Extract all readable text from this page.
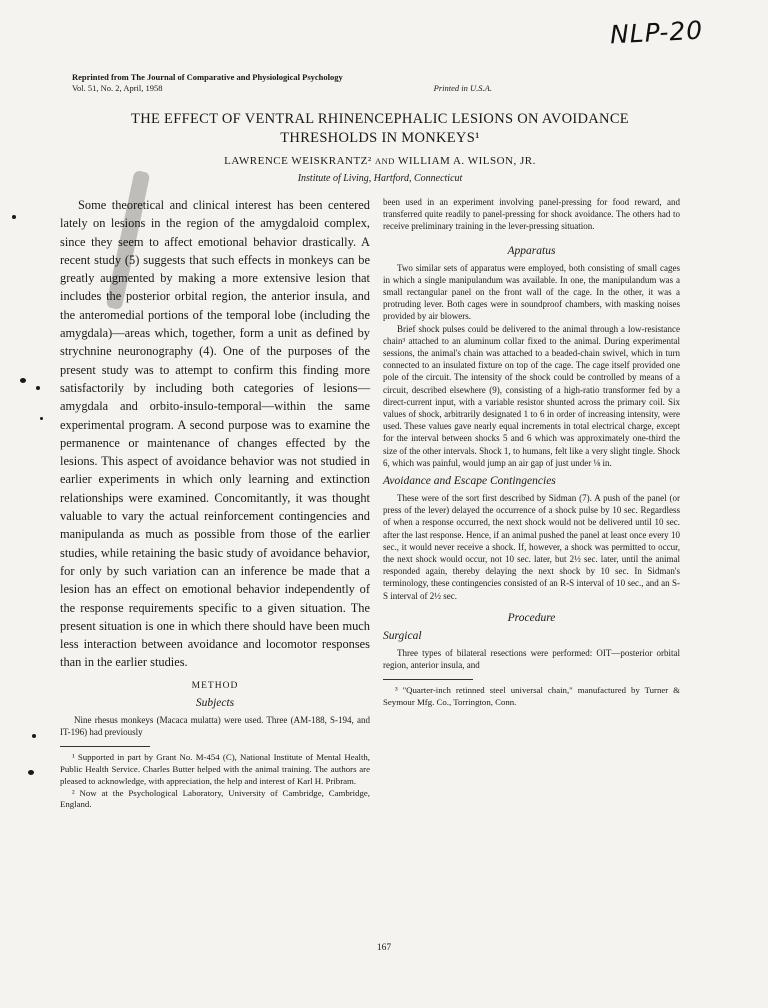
NLP-20
Reprinted from The Journal of Comparative and Physiological Psychology
Vol. 51, No. 2, April, 1958	Printed in U.S.A.
THE EFFECT OF VENTRAL RHINENCEPHALIC LESIONS ON AVOIDANCE THRESHOLDS IN MONKEYS¹
LAWRENCE WEISKRANTZ² AND WILLIAM A. WILSON, JR.
Institute of Living, Hartford, Connecticut

Some theoretical and clinical interest has been centered lately on lesions in the region of the amygdaloid complex, since they seem to affect emotional behavior drastically. A recent study (5) suggests that such effects in monkeys can be greatly augmented by making a more extensive lesion that includes the posterior orbital region, the anterior insula, and the anteromedial portions of the temporal lobe (including the amygdala)—areas which, together, form a unit as defined by strychnine neuronography (4). One of the purposes of the present study was to attempt to confirm this finding more satisfactorily by including both categories of lesions—amygdala and orbito-insulo-temporal—within the same experimental program. A second purpose was to examine the permanence or maintenance of changes effected by the lesions. This aspect of avoidance behavior was not studied in earlier experiments in which only learning and extinction relationships were examined. Concomitantly, it was thought valuable to vary the actual reinforcement contingencies and manipulanda as much as possible from those of the earlier studies, while retaining the basic study of avoidance behavior, for only by such variation can an inference be made that a lesion has an effect on emotional behavior independently of the response requirements specific to a given situation. The present situation is one in which there should have been much less interaction between avoidance and locomotor responses than in the earlier studies.

METHOD
Subjects

Nine rhesus monkeys (Macaca mulatta) were used. Three (AM-188, S-194, and IT-196) had previously

¹ Supported in part by Grant No. M-454 (C), National Institute of Mental Health, Public Health Service. Charles Butter helped with the animal training. The authors are pleased to acknowledge, with appreciation, the help and interest of Karl H. Pribram.

² Now at the Psychological Laboratory, University of Cambridge, Cambridge, England.

been used in an experiment involving panel-pressing for food reward, and transferred quite readily to panel-pressing for shock avoidance. The others had to receive preliminary training in the lever-pressing situation.

Apparatus

Two similar sets of apparatus were employed, both consisting of small cages in which a single manipulandum was available. In one, the manipulandum was a small rectangular panel on the front wall of the cage. In the other, it was a protruding lever. Both cages were in soundproof chambers, with masking noises provided by air blowers.

Brief shock pulses could be delivered to the animal through a low-resistance chain³ attached to an aluminum collar fixed to the animal. During experimental sessions, the animal's chain was attached to a beaded-chain swivel, which in turn connected to an insulated fixture on top of the cage. The cage itself provided one pole of the circuit. The intensity of the shock could be controlled by means of a circuit, described elsewhere (9), consisting of a high-ratio transformer fed by a direct-current input, with a variable resistor shunted across the primary coil. Six values of shock, arbitrarily designated 1 to 6 in order of increasing intensity, were used. These values gave nearly equal increments in total electrical charge, except for the interval between shocks 5 and 6 which was approximately one-third the size of the other intervals. Shock 1, to humans, felt like a very slight tingle. Shock 6, which was painful, would jump an air gap of just under ⅛ in.

Avoidance and Escape Contingencies

These were of the sort first described by Sidman (7). A push of the panel (or press of the lever) delayed the occurrence of a shock pulse by 10 sec. Regardless of when a response occurred, the next shock would not be delivered until 10 sec. after the last response. Hence, if an animal pushed the panel at least once every 10 sec., it would never receive a shock. If, however, a shock was permitted to occur, the next shock would occur, not 10 sec. later, but 2½ sec. later, until the animal responded again, thereby delaying the next shock by 10 sec. In Sidman's terminology, these contingencies consisted of an R-S interval of 10 sec., and an S-S interval of 2½ sec.

Procedure
Surgical

Three types of bilateral resections were performed: OIT—posterior orbital region, anterior insula, and

³ "Quarter-inch retinned steel universal chain," manufactured by Turner & Seymour Mfg. Co., Torrington, Conn.

167
